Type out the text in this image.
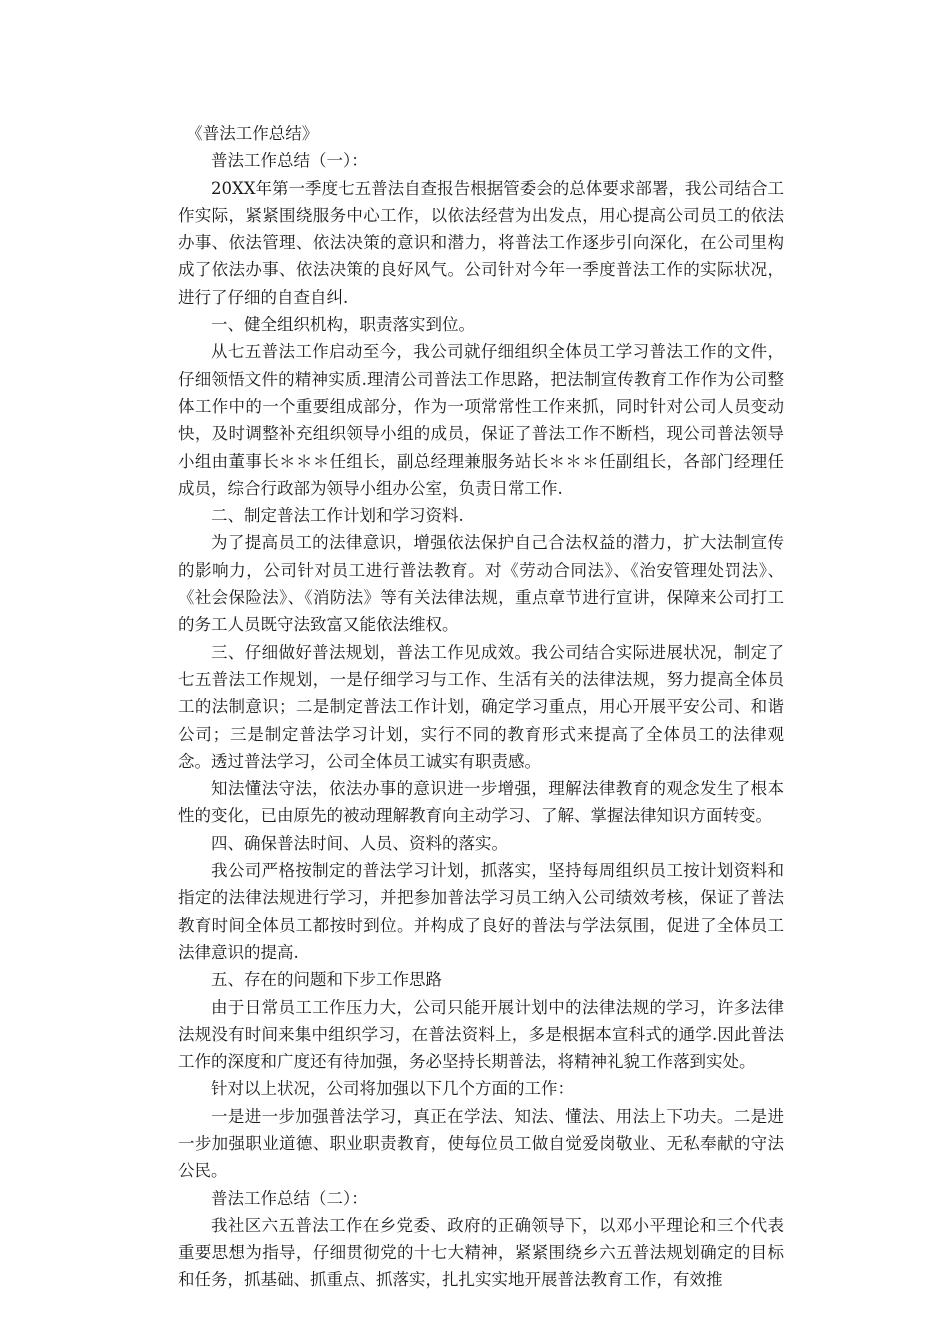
《普法工作总结》

普法工作总结（一）：

20XX年第一季度七五普法自查报告根据管委会的总体要求部署，我公司结合工作实际，紧紧围绕服务中心工作，以依法经营为出发点，用心提高公司员工的依法办事、依法管理、依法决策的意识和潜力，将普法工作逐步引向深化，在公司里构成了依法办事、依法决策的良好风气。公司针对今年一季度普法工作的实际状况，进行了仔细的自查自纠.

一、健全组织机构，职责落实到位。

从七五普法工作启动至今，我公司就仔细组织全体员工学习普法工作的文件，仔细领悟文件的精神实质.理清公司普法工作思路，把法制宣传教育工作作为公司整体工作中的一个重要组成部分，作为一项常常性工作来抓，同时针对公司人员变动快，及时调整补充组织领导小组的成员，保证了普法工作不断档，现公司普法领导小组由董事长＊＊＊任组长，副总经理兼服务站长＊＊＊任副组长，各部门经理任成员，综合行政部为领导小组办公室，负责日常工作.

二、制定普法工作计划和学习资料.

为了提高员工的法律意识，增强依法保护自己合法权益的潜力，扩大法制宣传的影响力，公司针对员工进行普法教育。对《劳动合同法》、《治安管理处罚法》、《社会保险法》、《消防法》等有关法律法规，重点章节进行宣讲，保障来公司打工的务工人员既守法致富又能依法维权。

三、仔细做好普法规划，普法工作见成效。我公司结合实际进展状况，制定了七五普法工作规划，一是仔细学习与工作、生活有关的法律法规，努力提高全体员工的法制意识；二是制定普法工作计划，确定学习重点，用心开展平安公司、和谐公司；三是制定普法学习计划，实行不同的教育形式来提高了全体员工的法律观念。透过普法学习，公司全体员工诚实有职责感。

知法懂法守法，依法办事的意识进一步增强，理解法律教育的观念发生了根本性的变化，已由原先的被动理解教育向主动学习、了解、掌握法律知识方面转变。

四、确保普法时间、人员、资料的落实。

我公司严格按制定的普法学习计划，抓落实，坚持每周组织员工按计划资料和指定的法律法规进行学习，并把参加普法学习员工纳入公司绩效考核，保证了普法教育时间全体员工都按时到位。并构成了良好的普法与学法氛围，促进了全体员工法律意识的提高.

五、存在的问题和下步工作思路

由于日常员工工作压力大，公司只能开展计划中的法律法规的学习，许多法律法规没有时间来集中组织学习，在普法资料上，多是根据本宣科式的通学.因此普法工作的深度和广度还有待加强，务必坚持长期普法，将精神礼貌工作落到实处。

针对以上状况，公司将加强以下几个方面的工作：

一是进一步加强普法学习，真正在学法、知法、懂法、用法上下功夫。二是进一步加强职业道德、职业职责教育，使每位员工做自觉爱岗敬业、无私奉献的守法公民。

普法工作总结（二）：

我社区六五普法工作在乡党委、政府的正确领导下，以邓小平理论和三个代表重要思想为指导，仔细贯彻党的十七大精神，紧紧围绕乡六五普法规划确定的目标和任务，抓基础、抓重点、抓落实，扎扎实实地开展普法教育工作，有效推
